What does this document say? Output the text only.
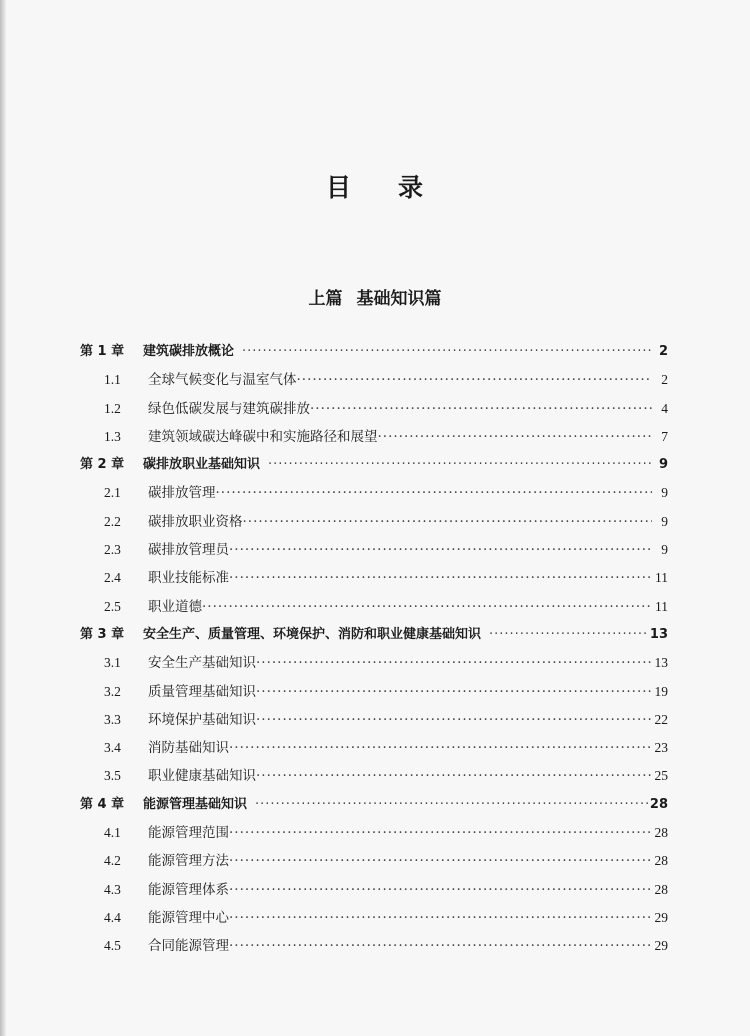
目 录
上篇 基础知识篇
第 1 章	建筑碳排放概论 ·····	2
1.1	全球气候变化与温室气体 ·····	2
1.2	绿色低碳发展与建筑碳排放 ·····	4
1.3	建筑领域碳达峰碳中和实施路径和展望 ·····	7
第 2 章	碳排放职业基础知识 ·····	9
2.1	碳排放管理 ·····	9
2.2	碳排放职业资格 ·····	9
2.3	碳排放管理员 ·····	9
2.4	职业技能标准 ·····	11
2.5	职业道德 ·····	11
第 3 章	安全生产、质量管理、环境保护、消防和职业健康基础知识 ·····	13
3.1	安全生产基础知识 ·····	13
3.2	质量管理基础知识 ·····	19
3.3	环境保护基础知识 ·····	22
3.4	消防基础知识 ·····	23
3.5	职业健康基础知识 ·····	25
第 4 章	能源管理基础知识 ·····	28
4.1	能源管理范围 ·····	28
4.2	能源管理方法 ·····	28
4.3	能源管理体系 ·····	28
4.4	能源管理中心 ·····	29
4.5	合同能源管理 ·····	29
